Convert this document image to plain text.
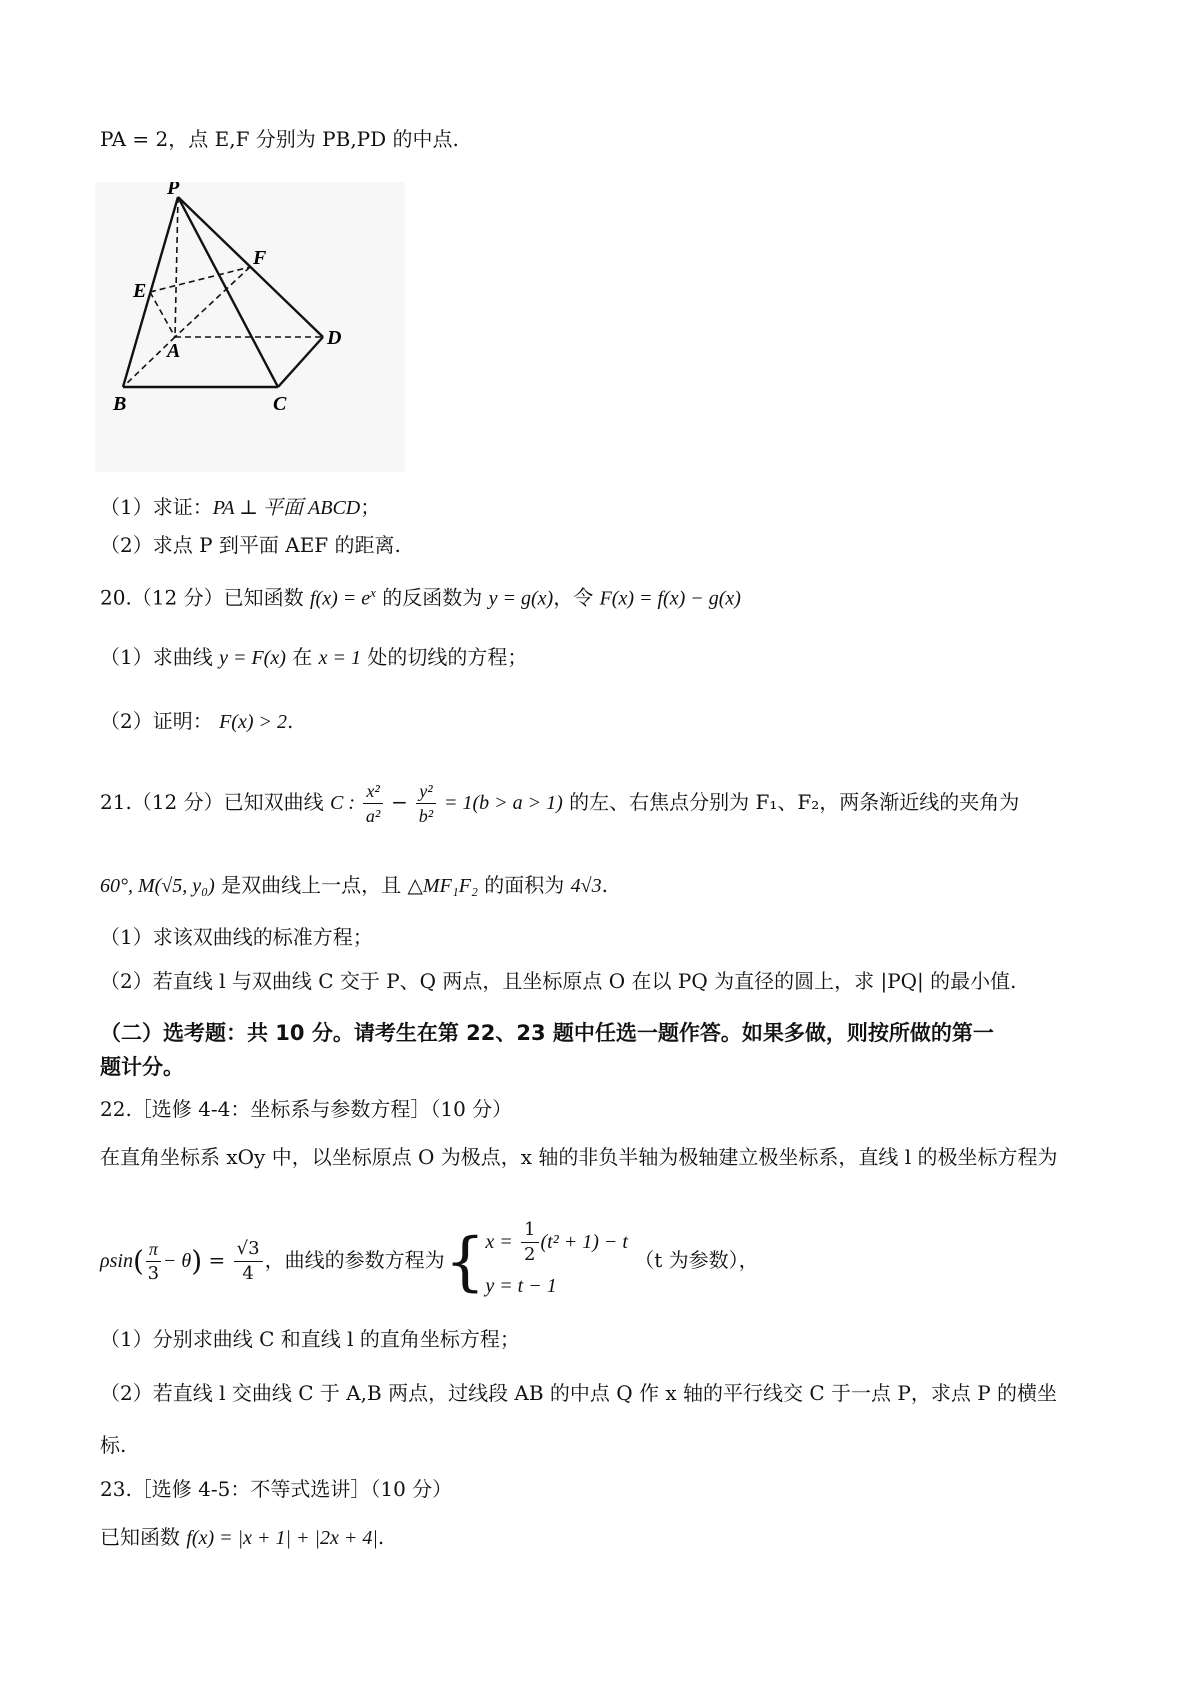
PA = 2，点 E,F 分别为 PB,PD 的中点.
P
E
F
A
D
B	C
（1）求证：PA ⊥ 平面 ABCD；
（2）求点 P 到平面 AEF 的距离.
20.（12 分）已知函数 $f(x) = e^x$ 的反函数为 y = g(x)，令 F(x) = f(x) − g(x)
（1）求曲线 y = F(x) 在 x = 1 处的切线的方程；
（2）证明： F(x) > 2.
21.（12 分）已知双曲线 C : $\frac{\text{x²}}{\text{a²}} - \frac{\text{y²}}{\text{b²}} = 1(b > a > 1)$ 的左、右焦点分别为 F₁、F₂，两条渐近线的夹角为
60°, M(√5, y₀) 是双曲线上一点，且 △MF₁F₂ 的面积为 4√3.
（1）求该双曲线的标准方程；
（2）若直线 l 与双曲线 C 交于 P、Q 两点，且坐标原点 O 在以 PQ 为直径的圆上，求 |PQ| 的最小值.
（二）选考题：共 10 分。请考生在第 22、23 题中任选一题作答。如果多做，则按所做的第一
题计分。
22.［选修 4-4：坐标系与参数方程］（10 分）
在直角坐标系 xOy 中，以坐标原点 O 为极点，x 轴的非负半轴为极轴建立极坐标系，直线 l 的极坐标方程为
$\rho\sin( \frac{\pi}{3} - \theta) = \frac{√3}{4}$ ，曲线的参数方程为{ $x = \frac{1}{2} (t^2 + 1) - t$
y = t − 1
（t 为参数），
（1）分别求曲线 C 和直线 l 的直角坐标方程；
（2）若直线 l 交曲线 C 于 A,B 两点，过线段 AB 的中点 Q 作 x 轴的平行线交 C 于一点 P，求点 P 的横坐
标.
23.［选修 4-5：不等式选讲］（10 分）
已知函数 f(x) = |x + 1| + |2x + 4|.
